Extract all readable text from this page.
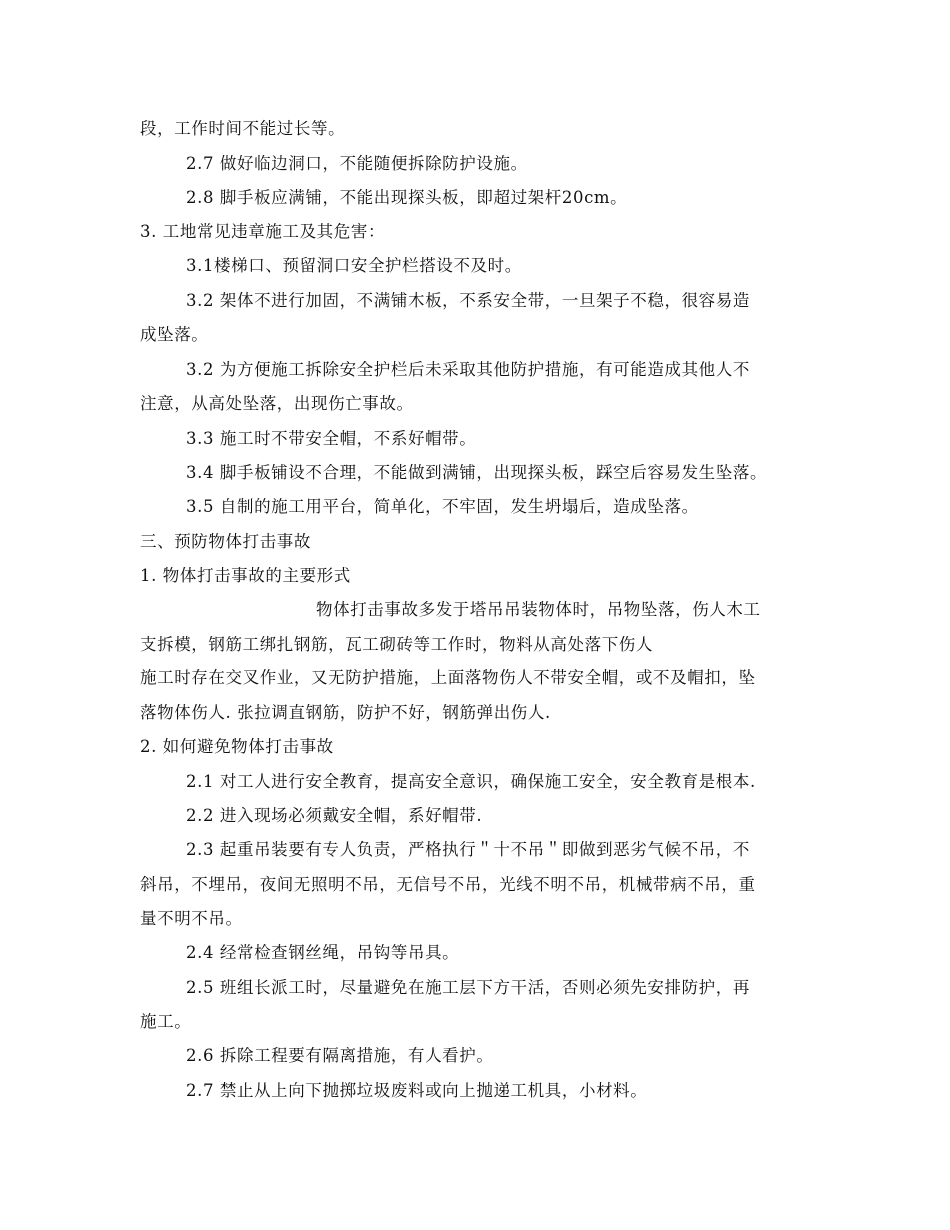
段，工作时间不能过长等。
2.7 做好临边洞口，不能随便拆除防护设施。
2.8 脚手板应满铺，不能出现探头板，即超过架杆20cm。
3. 工地常见违章施工及其危害：
3.1楼梯口、预留洞口安全护栏搭设不及时。
3.2 架体不进行加固，不满铺木板，不系安全带，一旦架子不稳，很容易造
成坠落。
3.2 为方便施工拆除安全护栏后未采取其他防护措施，有可能造成其他人不
注意，从高处坠落，出现伤亡事故。
3.3 施工时不带安全帽，不系好帽带。
3.4 脚手板铺设不合理，不能做到满铺，出现探头板，踩空后容易发生坠落。
3.5 自制的施工用平台，简单化，不牢固，发生坍塌后，造成坠落。
三、预防物体打击事故
1. 物体打击事故的主要形式
物体打击事故多发于塔吊吊装物体时，吊物坠落，伤人木工
支拆模，钢筋工绑扎钢筋，瓦工砌砖等工作时，物料从高处落下伤人
施工时存在交叉作业，又无防护措施，上面落物伤人不带安全帽，或不及帽扣，坠
落物体伤人. 张拉调直钢筋，防护不好，钢筋弹出伤人.
2. 如何避免物体打击事故
2.1 对工人进行安全教育，提高安全意识，确保施工安全，安全教育是根本.
2.2 进入现场必须戴安全帽，系好帽带.
2.3 起重吊装要有专人负责，严格执行＂十不吊＂即做到恶劣气候不吊，不
斜吊，不埋吊，夜间无照明不吊，无信号不吊，光线不明不吊，机械带病不吊，重
量不明不吊。
2.4 经常检查钢丝绳，吊钩等吊具。
2.5 班组长派工时，尽量避免在施工层下方干活，否则必须先安排防护，再
施工。
2.6 拆除工程要有隔离措施，有人看护。
2.7 禁止从上向下抛掷垃圾废料或向上抛递工机具，小材料。
